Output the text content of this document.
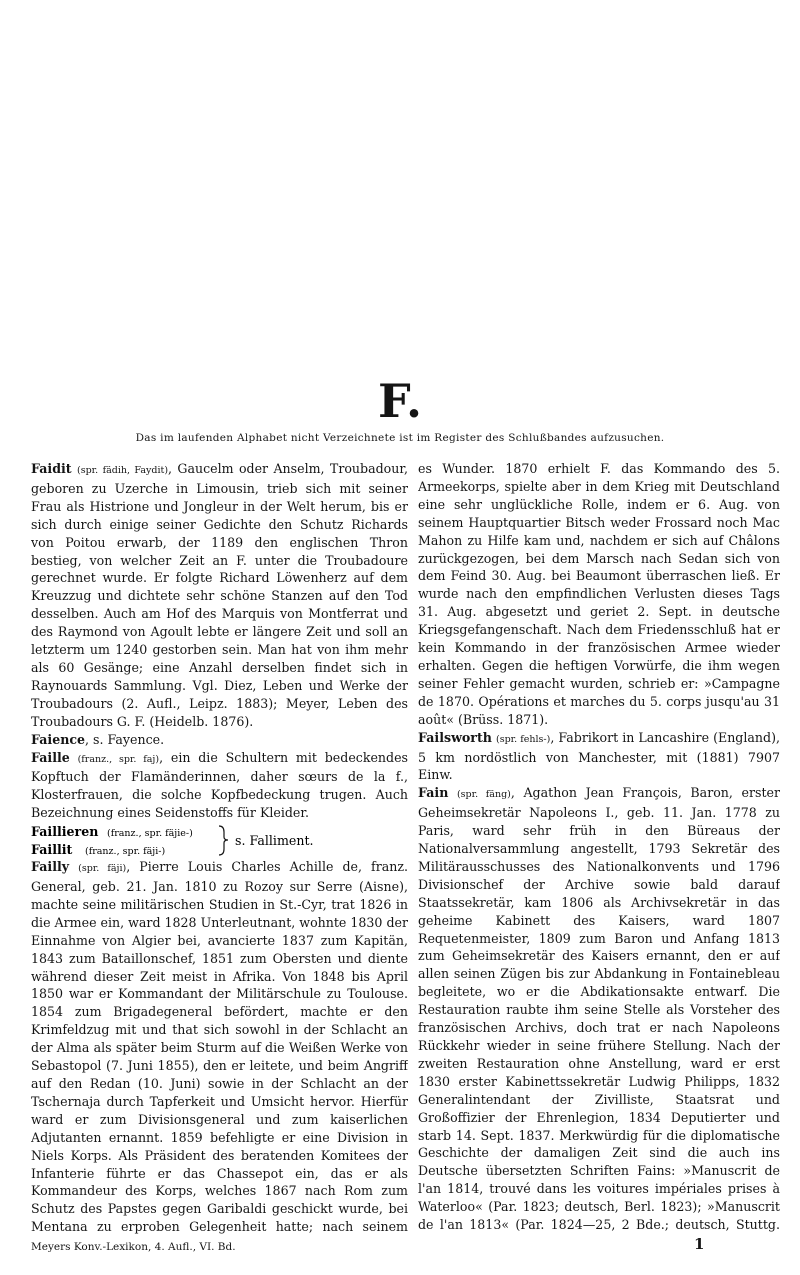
F.
Das im laufenden Alphabet nicht Verzeichnete ist im Register des Schlußbandes aufzusuchen.

Faidit (spr. fädih, Faydit), Gaucelm oder Anselm, Troubadour, geboren zu Uzerche in Limousin, trieb sich mit seiner Frau als Histrione und Jongleur in der Welt herum, bis er sich durch einige seiner Gedichte den Schutz Richards von Poitou erwarb, der 1189 den englischen Thron bestieg, von welcher Zeit an F. unter die Troubadoure gerechnet wurde. Er folgte Richard Löwenherz auf dem Kreuzzug und dichtete sehr schöne Stanzen auf den Tod desselben. Auch am Hof des Marquis von Montferrat und des Raymond von Agoult lebte er längere Zeit und soll an letzterm um 1240 gestorben sein. Man hat von ihm mehr als 60 Gesänge; eine Anzahl derselben findet sich in Raynouards Sammlung. Vgl. Diez, Leben und Werke der Troubadours (2. Aufl., Leipz. 1883); Meyer, Leben des Troubadours G. F. (Heidelb. 1876).

Faience, s. Fayence.

Faille (franz., spr. faj), ein die Schultern mit bedeckendes Kopftuch der Flamänderinnen, daher sœurs de la f., Klosterfrauen, die solche Kopfbedeckung trugen. Auch Bezeichnung eines Seidenstoffs für Kleider.

Faillieren (franz., spr. fäjie-)
Faillit (franz., spr. fäji-)
s. Falliment.

Failly (spr. fäji), Pierre Louis Charles Achille de, franz. General, geb. 21. Jan. 1810 zu Rozoy sur Serre (Aisne), machte seine militärischen Studien in St.-Cyr, trat 1826 in die Armee ein, ward 1828 Unterleutnant, wohnte 1830 der Einnahme von Algier bei, avancierte 1837 zum Kapitän, 1843 zum Bataillonschef, 1851 zum Obersten und diente während dieser Zeit meist in Afrika. Von 1848 bis April 1850 war er Kommandant der Militärschule zu Toulouse. 1854 zum Brigadegeneral befördert, machte er den Krimfeldzug mit und that sich sowohl in der Schlacht an der Alma als später beim Sturm auf die Weißen Werke von Sebastopol (7. Juni 1855), den er leitete, und beim Angriff auf den Redan (10. Juni) sowie in der Schlacht an der Tschernaja durch Tapferkeit und Umsicht hervor. Hierfür ward er zum Divisionsgeneral und zum kaiserlichen Adjutanten ernannt. 1859 befehligte er eine Division in Niels Korps. Als Präsident des beratenden Komitees der Infanterie führte er das Chassepot ein, das er als Kommandeur des Korps, welches 1867 nach Rom zum Schutz des Papstes gegen Garibaldi geschickt wurde, bei Mentana zu erproben Gelegenheit hatte; nach seinem

es Wunder. 1870 erhielt F. das Kommando des 5. Armeekorps, spielte aber in dem Krieg mit Deutschland eine sehr unglückliche Rolle, indem er 6. Aug. von seinem Hauptquartier Bitsch weder Frossard noch Mac Mahon zu Hilfe kam und, nachdem er sich auf Châlons zurückgezogen, bei dem Marsch nach Sedan sich von dem Feind 30. Aug. bei Beaumont überraschen ließ. Er wurde nach den empfindlichen Verlusten dieses Tags 31. Aug. abgesetzt und geriet 2. Sept. in deutsche Kriegsgefangenschaft. Nach dem Friedensschluß hat er kein Kommando in der französischen Armee wieder erhalten. Gegen die heftigen Vorwürfe, die ihm wegen seiner Fehler gemacht wurden, schrieb er: »Campagne de 1870. Opérations et marches du 5. corps jusqu'au 31 août« (Brüss. 1871).

Failsworth (spr. fehls-), Fabrikort in Lancashire (England), 5 km nordöstlich von Manchester, mit (1881) 7907 Einw.

Fain (spr. fäng), Agathon Jean François, Baron, erster Geheimsekretär Napoleons I., geb. 11. Jan. 1778 zu Paris, ward sehr früh in den Büreaus der Nationalversammlung angestellt, 1793 Sekretär des Militärausschusses des Nationalkonvents und 1796 Divisionschef der Archive sowie bald darauf Staatssekretär, kam 1806 als Archivsekretär in das geheime Kabinett des Kaisers, ward 1807 Requetenmeister, 1809 zum Baron und Anfang 1813 zum Geheimsekretär des Kaisers ernannt, den er auf allen seinen Zügen bis zur Abdankung in Fontainebleau begleitete, wo er die Abdikationsakte entwarf. Die Restauration raubte ihm seine Stelle als Vorsteher des französischen Archivs, doch trat er nach Napoleons Rückkehr wieder in seine frühere Stellung. Nach der zweiten Restauration ohne Anstellung, ward er erst 1830 erster Kabinettssekretär Ludwig Philipps, 1832 Generalintendant der Zivilliste, Staatsrat und Großoffizier der Ehrenlegion, 1834 Deputierter und starb 14. Sept. 1837. Merkwürdig für die diplomatische Geschichte der damaligen Zeit sind die auch ins Deutsche übersetzten Schriften Fains: »Manuscrit de l'an 1814, trouvé dans les voitures impériales prises à Waterloo« (Par. 1823; deutsch, Berl. 1823); »Manuscrit de l'an 1813« (Par. 1824—25, 2 Bde.; deutsch, Stuttg.

Meyers Konv.-Lexikon, 4. Aufl., VI. Bd.	1
